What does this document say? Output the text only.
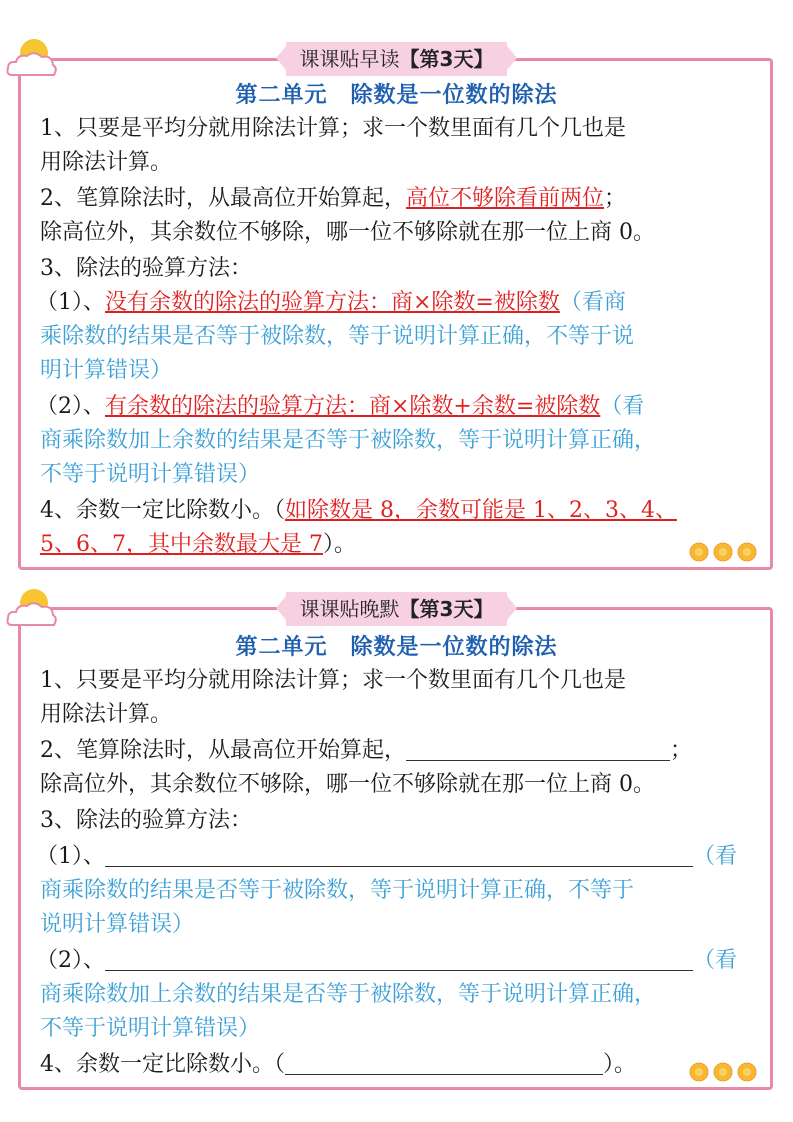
课课贴早读【第3天】
第二单元　除数是一位数的除法
1、只要是平均分就用除法计算；求一个数里面有几个几也是
用除法计算。
2、笔算除法时，从最高位开始算起，高位不够除看前两位；
除高位外，其余数位不够除，哪一位不够除就在那一位上商 0。
3、除法的验算方法：
（1）、没有余数的除法的验算方法：商×除数=被除数（看商
乘除数的结果是否等于被除数，等于说明计算正确，不等于说
明计算错误）
（2）、有余数的除法的验算方法：商×除数+余数=被除数（看
商乘除数加上余数的结果是否等于被除数，等于说明计算正确，
不等于说明计算错误）
4、余数一定比除数小。（如除数是 8，余数可能是 1、2、3、4、
5、6、7，其中余数最大是 7）。
课课贴晚默【第3天】
第二单元　除数是一位数的除法
1、只要是平均分就用除法计算；求一个数里面有几个几也是
用除法计算。
2、笔算除法时，从最高位开始算起，	；
除高位外，其余数位不够除，哪一位不够除就在那一位上商 0。
3、除法的验算方法：
（1）、	（看
商乘除数的结果是否等于被除数，等于说明计算正确，不等于
说明计算错误）
（2）、	（看
商乘除数加上余数的结果是否等于被除数，等于说明计算正确，
不等于说明计算错误）
4、余数一定比除数小。（	）。
